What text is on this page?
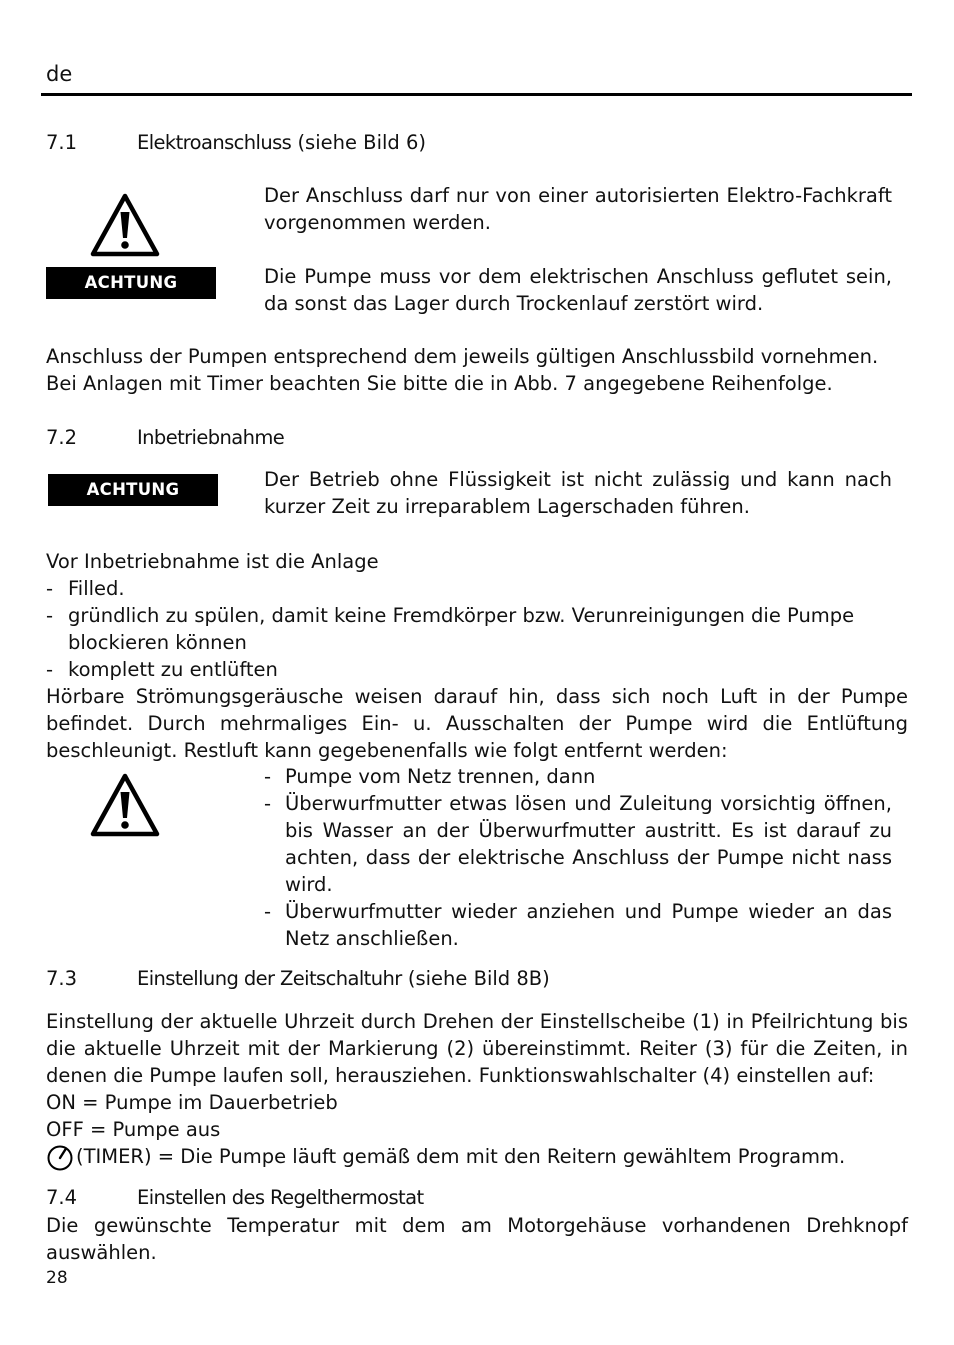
de
7.1	Elektroanschluss (siehe Bild 6)
ACHTUNG
Der Anschluss darf nur von einer autorisierten Elektro-Fachkraft vorgenommen werden.
Die Pumpe muss vor dem elektrischen Anschluss geflutet sein, da sonst das Lager durch Trockenlauf zerstört wird.
Anschluss der Pumpen entsprechend dem jeweils gültigen Anschlussbild vornehmen.
Bei Anlagen mit Timer beachten Sie bitte die in Abb. 7 angegebene Reihenfolge.
7.2	Inbetriebnahme
ACHTUNG	Der Betrieb ohne Flüssigkeit ist nicht zulässig und kann nach kurzer Zeit zu irreparablem Lagerschaden führen.
Vor Inbetriebnahme ist die Anlage
- Filled.
- gründlich zu spülen, damit keine Fremdkörper bzw. Verunreinigungen die Pumpe blockieren können
- komplett zu entlüften
Hörbare Strömungsgeräusche weisen darauf hin, dass sich noch Luft in der Pumpe befindet. Durch mehrmaliges Ein- u. Ausschalten der Pumpe wird die Entlüftung beschleunigt. Restluft kann gegebenenfalls wie folgt entfernt werden:
- Pumpe vom Netz trennen, dann
- Überwurfmutter etwas lösen und Zuleitung vorsichtig öffnen, bis Wasser an der Überwurfmutter austritt. Es ist darauf zu achten, dass der elektrische Anschluss der Pumpe nicht nass wird.
- Überwurfmutter wieder anziehen und Pumpe wieder an das Netz anschließen.
7.3	Einstellung der Zeitschaltuhr (siehe Bild 8B)
Einstellung der aktuelle Uhrzeit durch Drehen der Einstellscheibe (1) in Pfeilrichtung bis die aktuelle Uhrzeit mit der Markierung (2) übereinstimmt. Reiter (3) für die Zeiten, in denen die Pumpe laufen soll, herausziehen. Funktionswahlschalter (4) einstellen auf:
ON = Pumpe im Dauerbetrieb
OFF = Pumpe aus
(TIMER) = Die Pumpe läuft gemäß dem mit den Reitern gewähltem Programm.
7.4	Einstellen des Regelthermostat
Die gewünschte Temperatur mit dem am Motorgehäuse vorhandenen Drehknopf auswählen.
28
